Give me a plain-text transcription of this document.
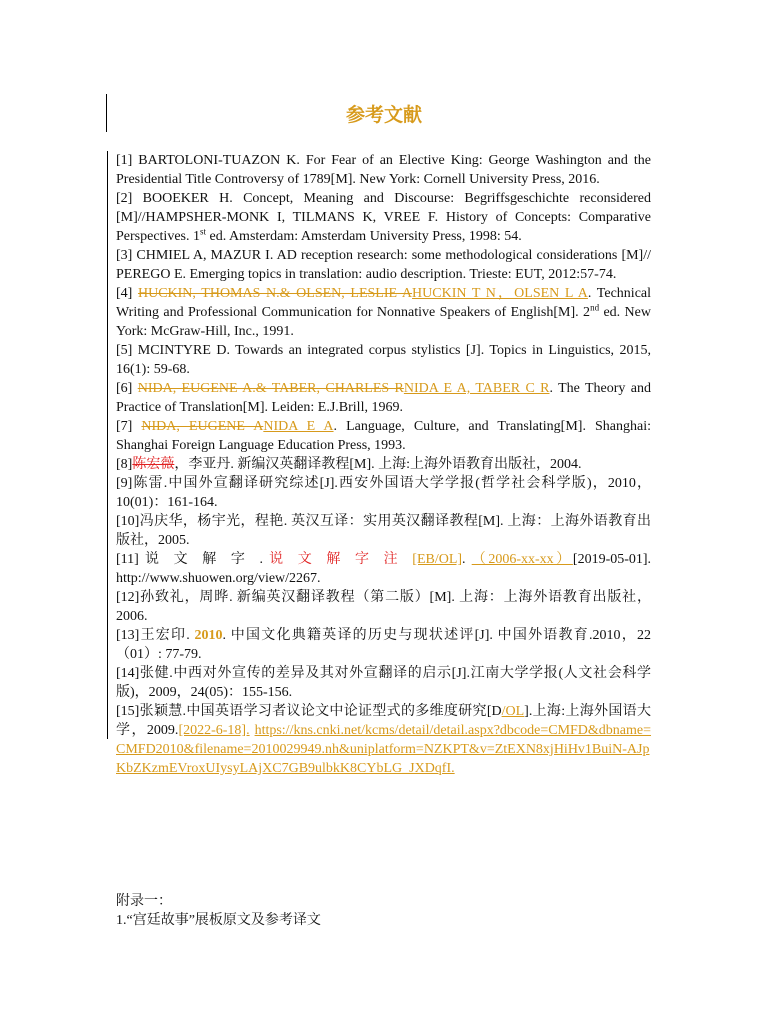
参考文献

[1] BARTOLONI-TUAZON K. For Fear of an Elective King: George Washington and the Presidential Title Controversy of 1789[M]. New York: Cornell University Press, 2016.

[2] BOOEKER H. Concept, Meaning and Discourse: Begriffsgeschichte reconsidered [M]//HAMPSHER-MONK I, TILMANS K, VREE F. History of Concepts: Comparative Perspectives. 1st ed. Amsterdam: Amsterdam University Press, 1998: 54.

[3] CHMIEL A, MAZUR I. AD reception research: some methodological considerations [M]// PEREGO E. Emerging topics in translation: audio description. Trieste: EUT, 2012:57-74.

[4] HUCKIN, THOMAS N.& OLSEN, LESLIE AHUCKIN T N，OLSEN L A. Technical Writing and Professional Communication for Nonnative Speakers of English[M]. 2nd ed. New York: McGraw-Hill, Inc., 1991.

[5] MCINTYRE D. Towards an integrated corpus stylistics [J]. Topics in Linguistics, 2015, 16(1): 59-68.

[6] NIDA, EUGENE A.& TABER, CHARLES RNIDA E A, TABER C R. The Theory and Practice of Translation[M]. Leiden: E.J.Brill, 1969.

[7] NIDA, EUGENE ANIDA E A. Language, Culture, and Translating[M]. Shanghai: Shanghai Foreign Language Education Press, 1993.

[8]陈宏薇，李亚丹. 新编汉英翻译教程[M]. 上海:上海外语教育出版社，2004.

[9]陈雷.中国外宣翻译研究综述[J].西安外国语大学学报(哲学社会科学版)，2010，10(01)：161-164.

[10]冯庆华，杨宇光，程艳. 英汉互译：实用英汉翻译教程[M]. 上海：上海外语教育出版社，2005.

[11] 说文解字. 说文解字注[EB/OL]. （2006-xx-xx）[2019-05-01]. http://www.shuowen.org/view/2267.

[12]孙致礼，周晔. 新编英汉翻译教程（第二版）[M]. 上海：上海外语教育出版社，2006.

[13]王宏印. 2010. 中国文化典籍英译的历史与现状述评[J]. 中国外语教育.2010，22（01）: 77-79.

[14]张健.中西对外宣传的差异及其对外宣翻译的启示[J].江南大学学报(人文社会科学版)，2009，24(05)：155-156.

[15]张颖慧.中国英语学习者议论文中论证型式的多维度研究[D/OL].上海:上海外国语大学，2009.[2022-6-18]. https://kns.cnki.net/kcms/detail/detail.aspx?dbcode=CMFD&dbname=CMFD2010&filename=2010029949.nh&uniplatform=NZKPT&v=ZtEXN8xjHiHv1BuiN-AJpKbZKzmEVroxUIysyLAjXC7GB9ulbkK8CYbLG_JXDqfI.

附录一：
1.“宫廷故事”展板原文及参考译文
